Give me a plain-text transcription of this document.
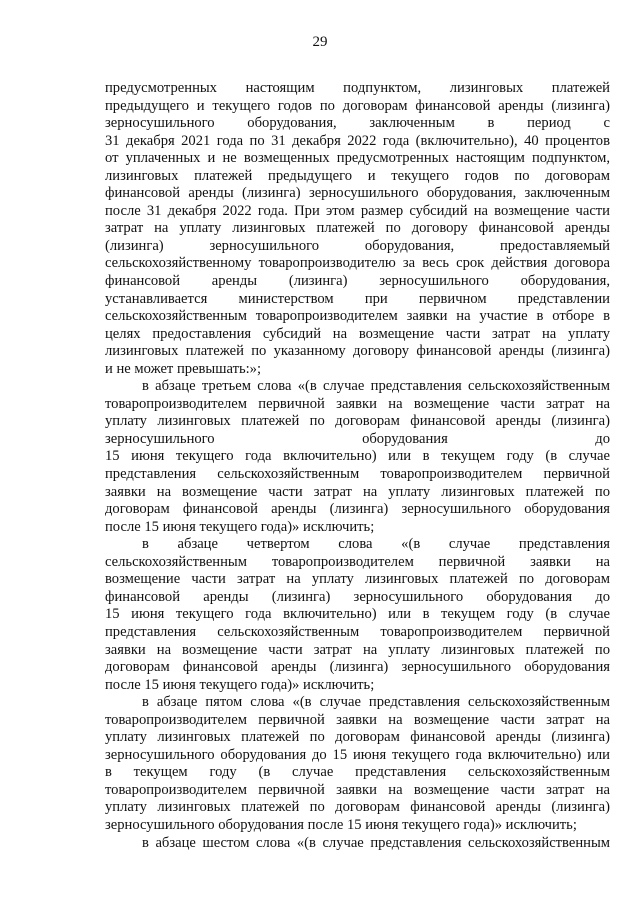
29

предусмотренных настоящим подпунктом, лизинговых платежей
предыдущего и текущего годов по договорам финансовой аренды (лизинга)
зерносушильного оборудования, заключенным в период с
31 декабря 2021 года по 31 декабря 2022 года (включительно), 40 процентов
от уплаченных и не возмещенных предусмотренных настоящим подпунктом,
лизинговых платежей предыдущего и текущего годов по договорам
финансовой аренды (лизинга) зерносушильного оборудования, заключенным
после 31 декабря 2022 года. При этом размер субсидий на возмещение части
затрат на уплату лизинговых платежей по договору финансовой аренды
(лизинга) зерносушильного оборудования, предоставляемый
сельскохозяйственному товаропроизводителю за весь срок действия договора
финансовой аренды (лизинга) зерносушильного оборудования,
устанавливается министерством при первичном представлении
сельскохозяйственным товаропроизводителем заявки на участие в отборе в
целях предоставления субсидий на возмещение части затрат на уплату
лизинговых платежей по указанному договору финансовой аренды (лизинга)
и не может превышать:»;

в абзаце третьем слова «(в случае представления сельскохозяйственным
товаропроизводителем первичной заявки на возмещение части затрат на
уплату лизинговых платежей по договорам финансовой аренды (лизинга)
зерносушильного оборудования до
15 июня текущего года включительно) или в текущем году (в случае
представления сельскохозяйственным товаропроизводителем первичной
заявки на возмещение части затрат на уплату лизинговых платежей по
договорам финансовой аренды (лизинга) зерносушильного оборудования
после 15 июня текущего года)» исключить;

в абзаце четвертом слова «(в случае представления
сельскохозяйственным товаропроизводителем первичной заявки на
возмещение части затрат на уплату лизинговых платежей по договорам
финансовой аренды (лизинга) зерносушильного оборудования до
15 июня текущего года включительно) или в текущем году (в случае
представления сельскохозяйственным товаропроизводителем первичной
заявки на возмещение части затрат на уплату лизинговых платежей по
договорам финансовой аренды (лизинга) зерносушильного оборудования
после 15 июня текущего года)» исключить;

в абзаце пятом слова «(в случае представления сельскохозяйственным
товаропроизводителем первичной заявки на возмещение части затрат на
уплату лизинговых платежей по договорам финансовой аренды (лизинга)
зерносушильного оборудования до 15 июня текущего года включительно) или
в текущем году (в случае представления сельскохозяйственным
товаропроизводителем первичной заявки на возмещение части затрат на
уплату лизинговых платежей по договорам финансовой аренды (лизинга)
зерносушильного оборудования после 15 июня текущего года)» исключить;

в абзаце шестом слова «(в случае представления сельскохозяйственным
